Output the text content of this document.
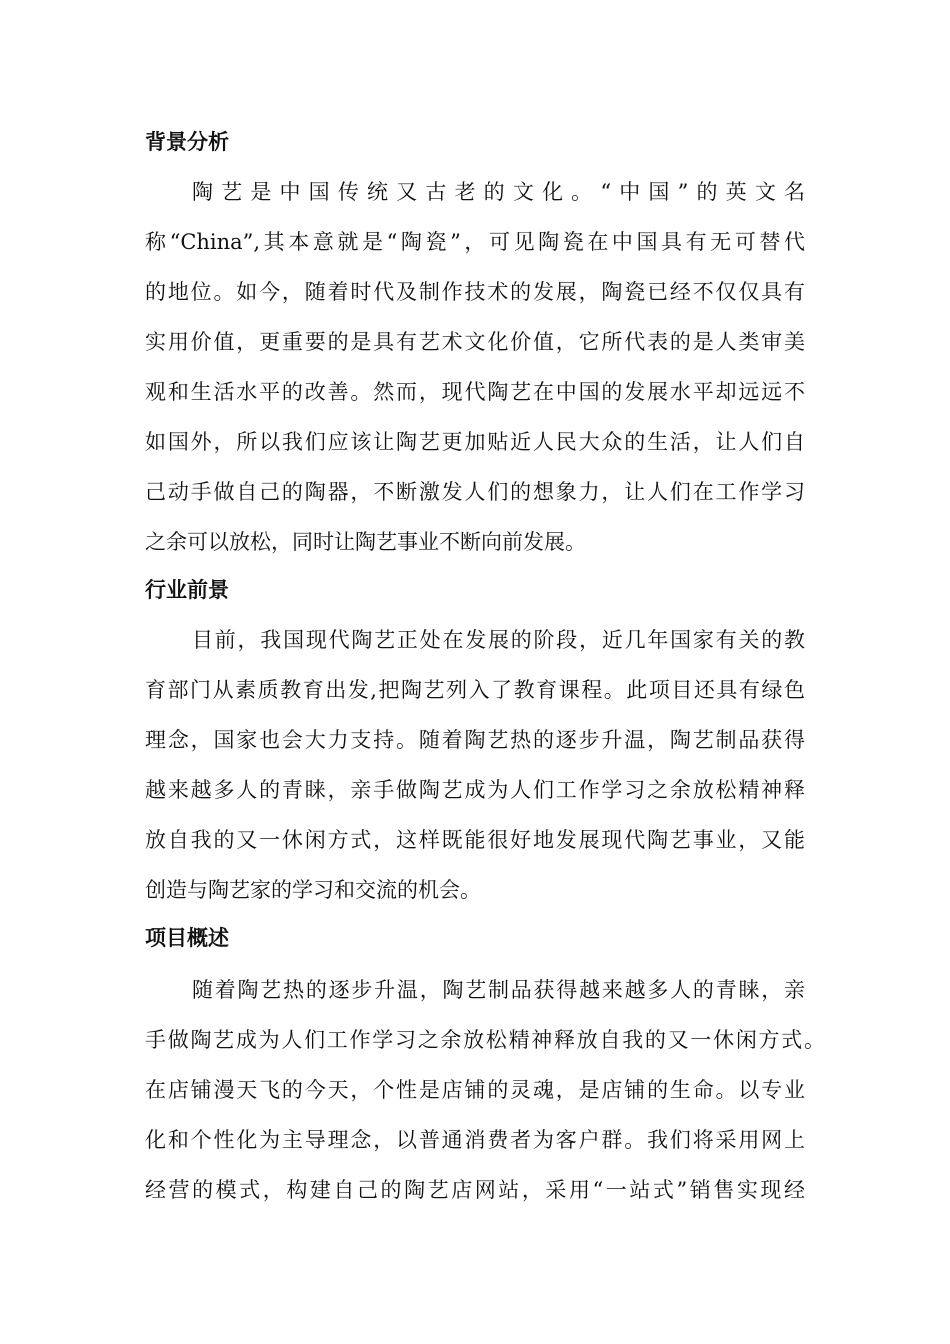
背景分析
陶艺是中国传统又古老的文化。“中国”的英文名
称“China”,其本意就是“陶瓷”，可见陶瓷在中国具有无可替代
的地位。如今，随着时代及制作技术的发展，陶瓷已经不仅仅具有
实用价值，更重要的是具有艺术文化价值，它所代表的是人类审美
观和生活水平的改善。然而，现代陶艺在中国的发展水平却远远不
如国外，所以我们应该让陶艺更加贴近人民大众的生活，让人们自
己动手做自己的陶器，不断激发人们的想象力，让人们在工作学习
之余可以放松，同时让陶艺事业不断向前发展。
行业前景
目前，我国现代陶艺正处在发展的阶段，近几年国家有关的教
育部门从素质教育出发,把陶艺列入了教育课程。此项目还具有绿色
理念，国家也会大力支持。随着陶艺热的逐步升温，陶艺制品获得
越来越多人的青睐，亲手做陶艺成为人们工作学习之余放松精神释
放自我的又一休闲方式，这样既能很好地发展现代陶艺事业，又能
创造与陶艺家的学习和交流的机会。
项目概述
随着陶艺热的逐步升温，陶艺制品获得越来越多人的青睐，亲
手做陶艺成为人们工作学习之余放松精神释放自我的又一休闲方式。
在店铺漫天飞的今天，个性是店铺的灵魂，是店铺的生命。以专业
化和个性化为主导理念，以普通消费者为客户群。我们将采用网上
经营的模式，构建自己的陶艺店网站，采用“一站式”销售实现经
